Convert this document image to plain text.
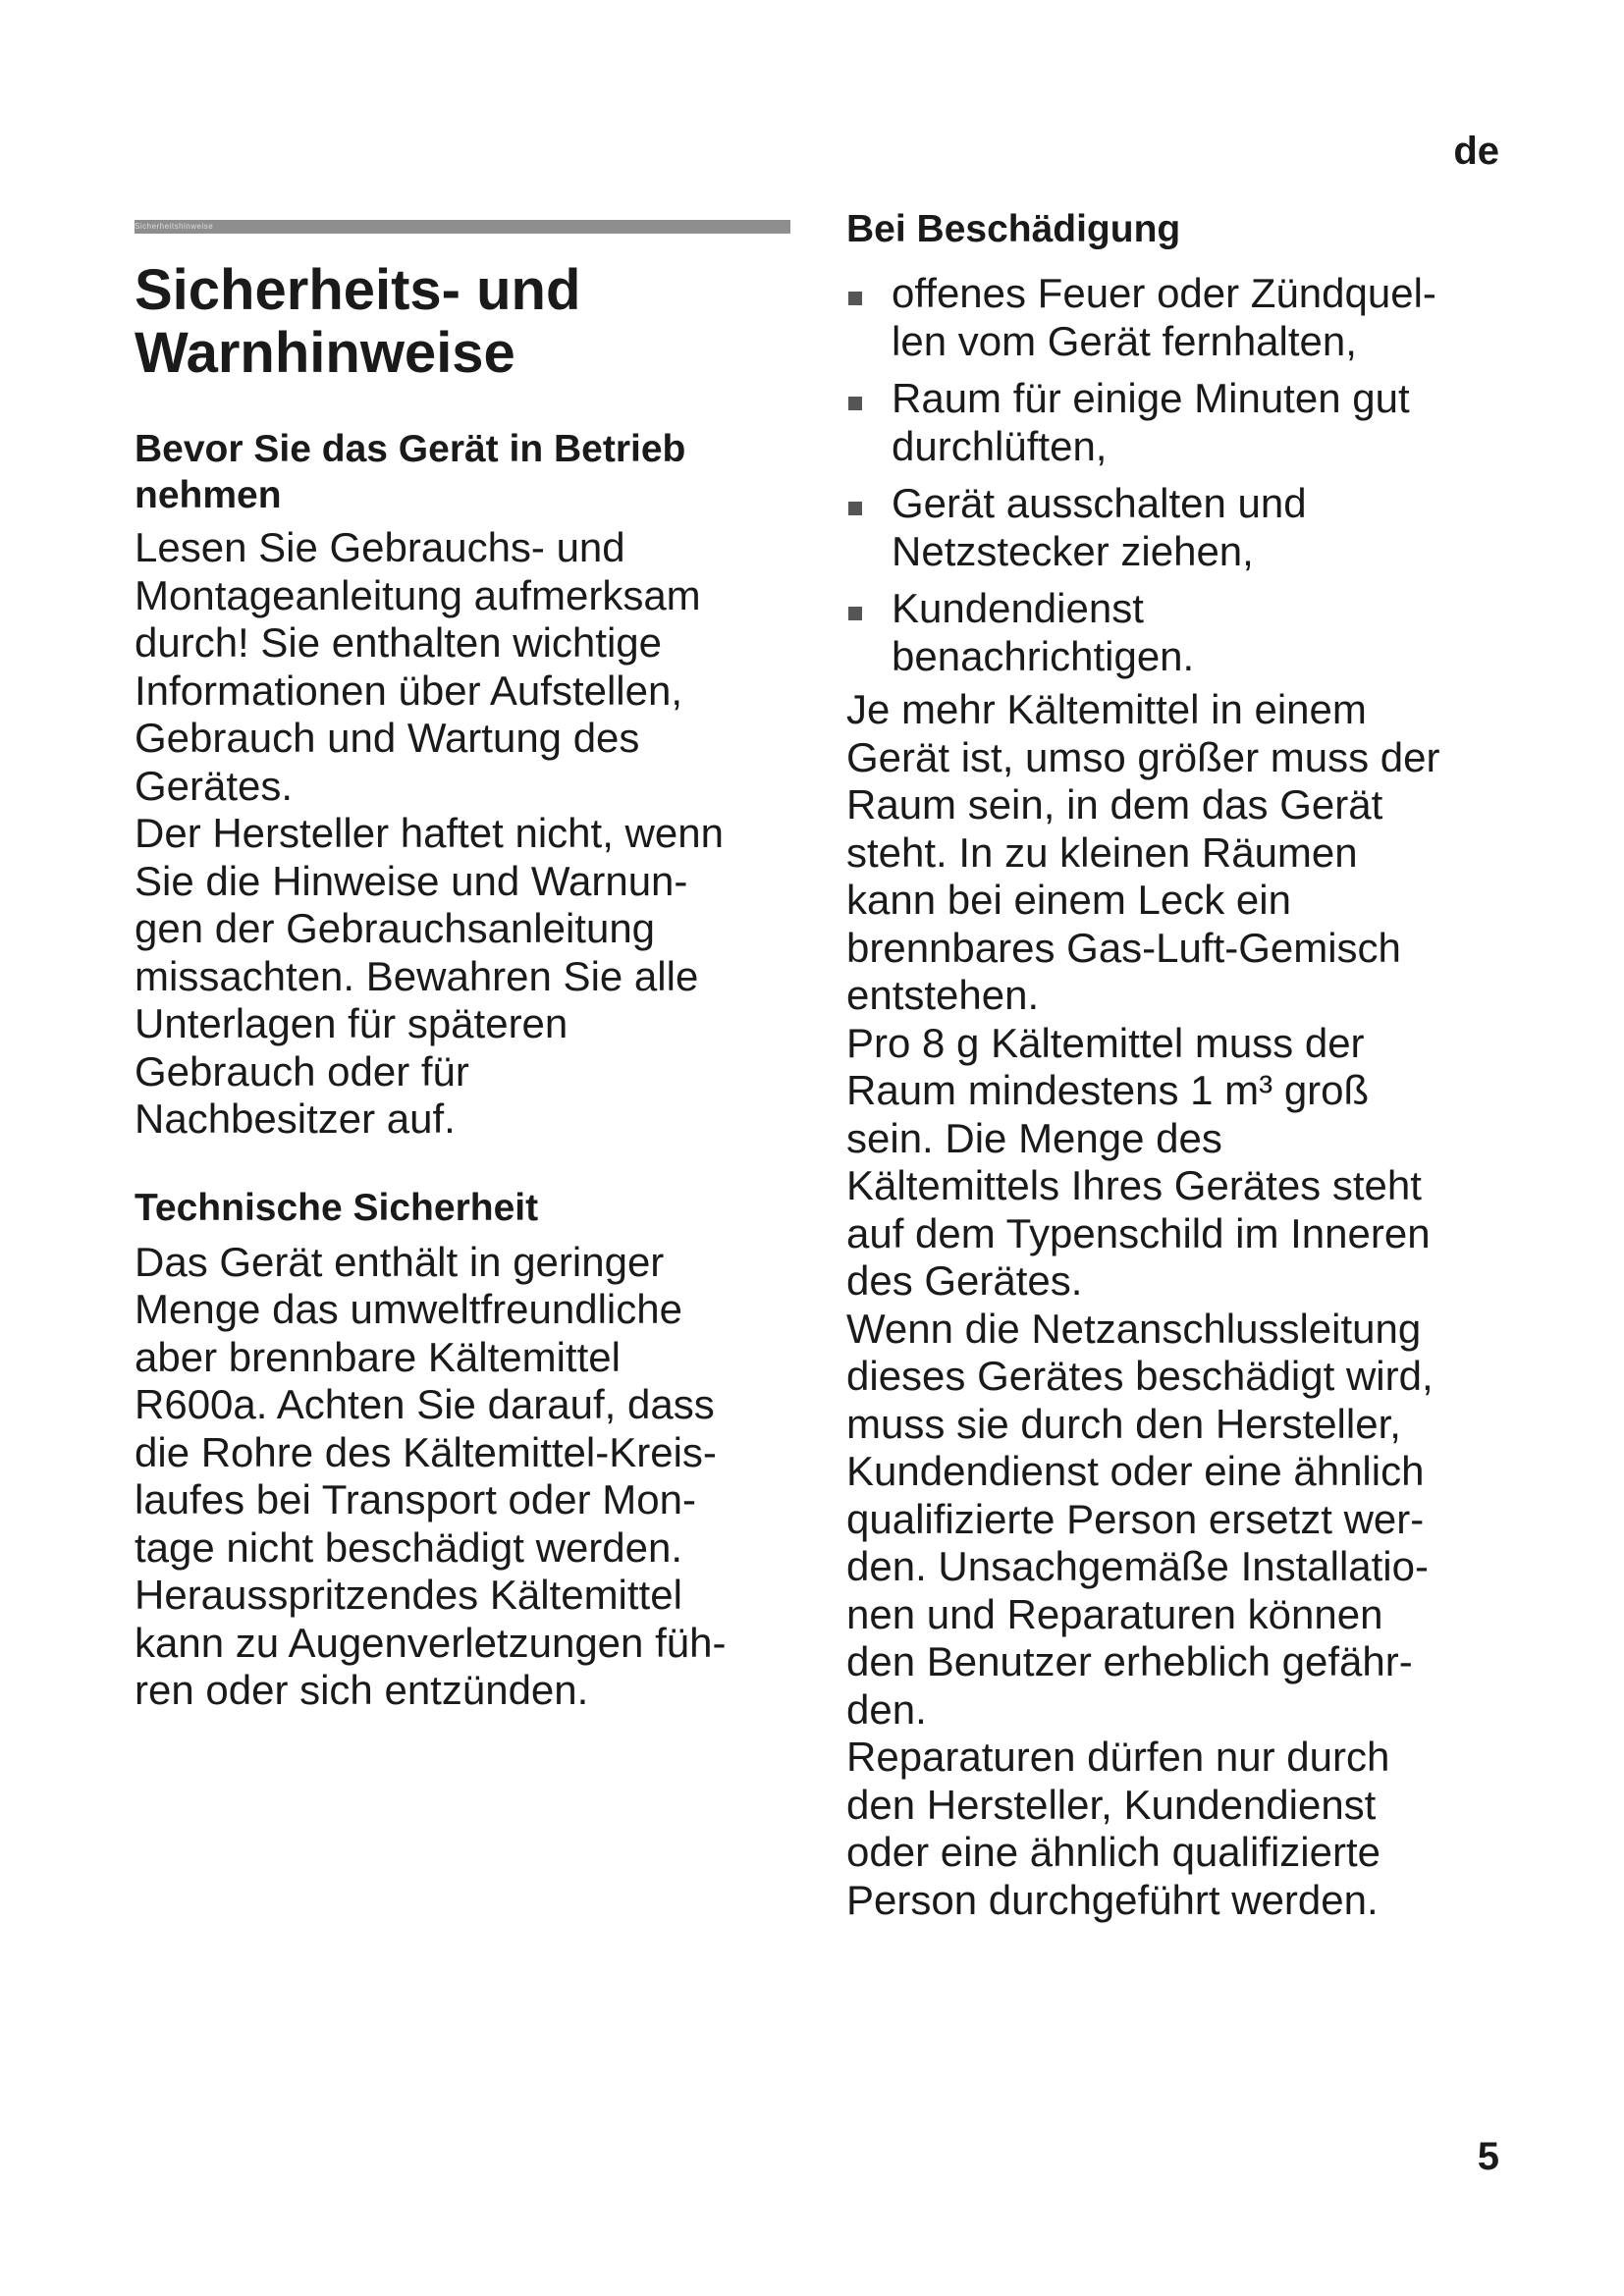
de
Sicherheitshinweise
Sicherheits- und
Warnhinweise
Bevor Sie das Gerät in Betrieb
nehmen

Lesen Sie Gebrauchs- und
Montageanleitung aufmerksam
durch! Sie enthalten wichtige
Informationen über Aufstellen,
Gebrauch und Wartung des
Gerätes.

Der Hersteller haftet nicht, wenn
Sie die Hinweise und Warnun-
gen der Gebrauchsanleitung
missachten. Bewahren Sie alle
Unterlagen für späteren
Gebrauch oder für
Nachbesitzer auf.

Technische Sicherheit

Das Gerät enthält in geringer
Menge das umweltfreundliche
aber brennbare Kältemittel
R600a. Achten Sie darauf, dass
die Rohre des Kältemittel-Kreis-
laufes bei Transport oder Mon-
tage nicht beschädigt werden.
Herausspritzendes Kältemittel
kann zu Augenverletzungen füh-
ren oder sich entzünden.

Bei Beschädigung
offenes Feuer oder Zündquel-
len vom Gerät fernhalten,
Raum für einige Minuten gut
durchlüften,
Gerät ausschalten und
Netzstecker ziehen,
Kundendienst
benachrichtigen.

Je mehr Kältemittel in einem
Gerät ist, umso größer muss der
Raum sein, in dem das Gerät
steht. In zu kleinen Räumen
kann bei einem Leck ein
brennbares Gas-Luft-Gemisch
entstehen.

Pro 8 g Kältemittel muss der
Raum mindestens 1 m³ groß
sein. Die Menge des
Kältemittels Ihres Gerätes steht
auf dem Typenschild im Inneren
des Gerätes.

Wenn die Netzanschlussleitung
dieses Gerätes beschädigt wird,
muss sie durch den Hersteller,
Kundendienst oder eine ähnlich
qualifizierte Person ersetzt wer-
den. Unsachgemäße Installatio-
nen und Reparaturen können
den Benutzer erheblich gefähr-
den.

Reparaturen dürfen nur durch
den Hersteller, Kundendienst
oder eine ähnlich qualifizierte
Person durchgeführt werden.

5
